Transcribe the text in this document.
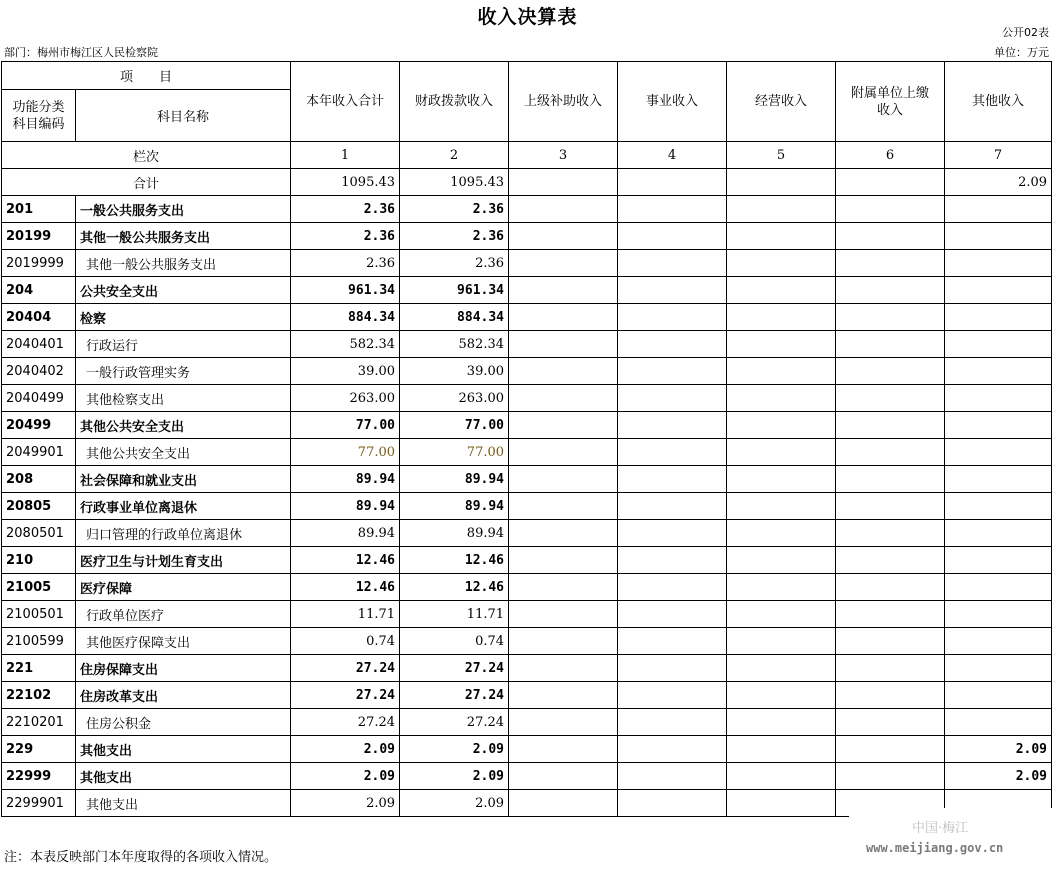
收入决算表
公开02表
部门：梅州市梅江区人民检察院	单位：万元
项　　目		本年收入合计	财政拨款收入	上级补助收入	事业收入	经营收入	附属单位上缴收入	其他收入
功能分类科目编码	科目名称							
栏次		1	2	3	4	5	6	7
合计		1095.43	1095.43					2.09
201	一般公共服务支出	2.36	2.36					
20199	其他一般公共服务支出	2.36	2.36					
2019999	其他一般公共服务支出	2.36	2.36					
204	公共安全支出	961.34	961.34					
20404	检察	884.34	884.34					
2040401	行政运行	582.34	582.34					
2040402	一般行政管理实务	39.00	39.00					
2040499	其他检察支出	263.00	263.00					
20499	其他公共安全支出	77.00	77.00					
2049901	其他公共安全支出	77.00	77.00					
208	社会保障和就业支出	89.94	89.94					
20805	行政事业单位离退休	89.94	89.94					
2080501	归口管理的行政单位离退休	89.94	89.94					
210	医疗卫生与计划生育支出	12.46	12.46					
21005	医疗保障	12.46	12.46					
2100501	行政单位医疗	11.71	11.71					
2100599	其他医疗保障支出	0.74	0.74					
221	住房保障支出	27.24	27.24					
22102	住房改革支出	27.24	27.24					
2210201	住房公积金	27.24	27.24					
229	其他支出	2.09	2.09					2.09
22999	其他支出	2.09	2.09					2.09
2299901	其他支出	2.09	2.09					
注：本表反映部门本年度取得的各项收入情况。
中国·梅江
www.meijiang.gov.cn
